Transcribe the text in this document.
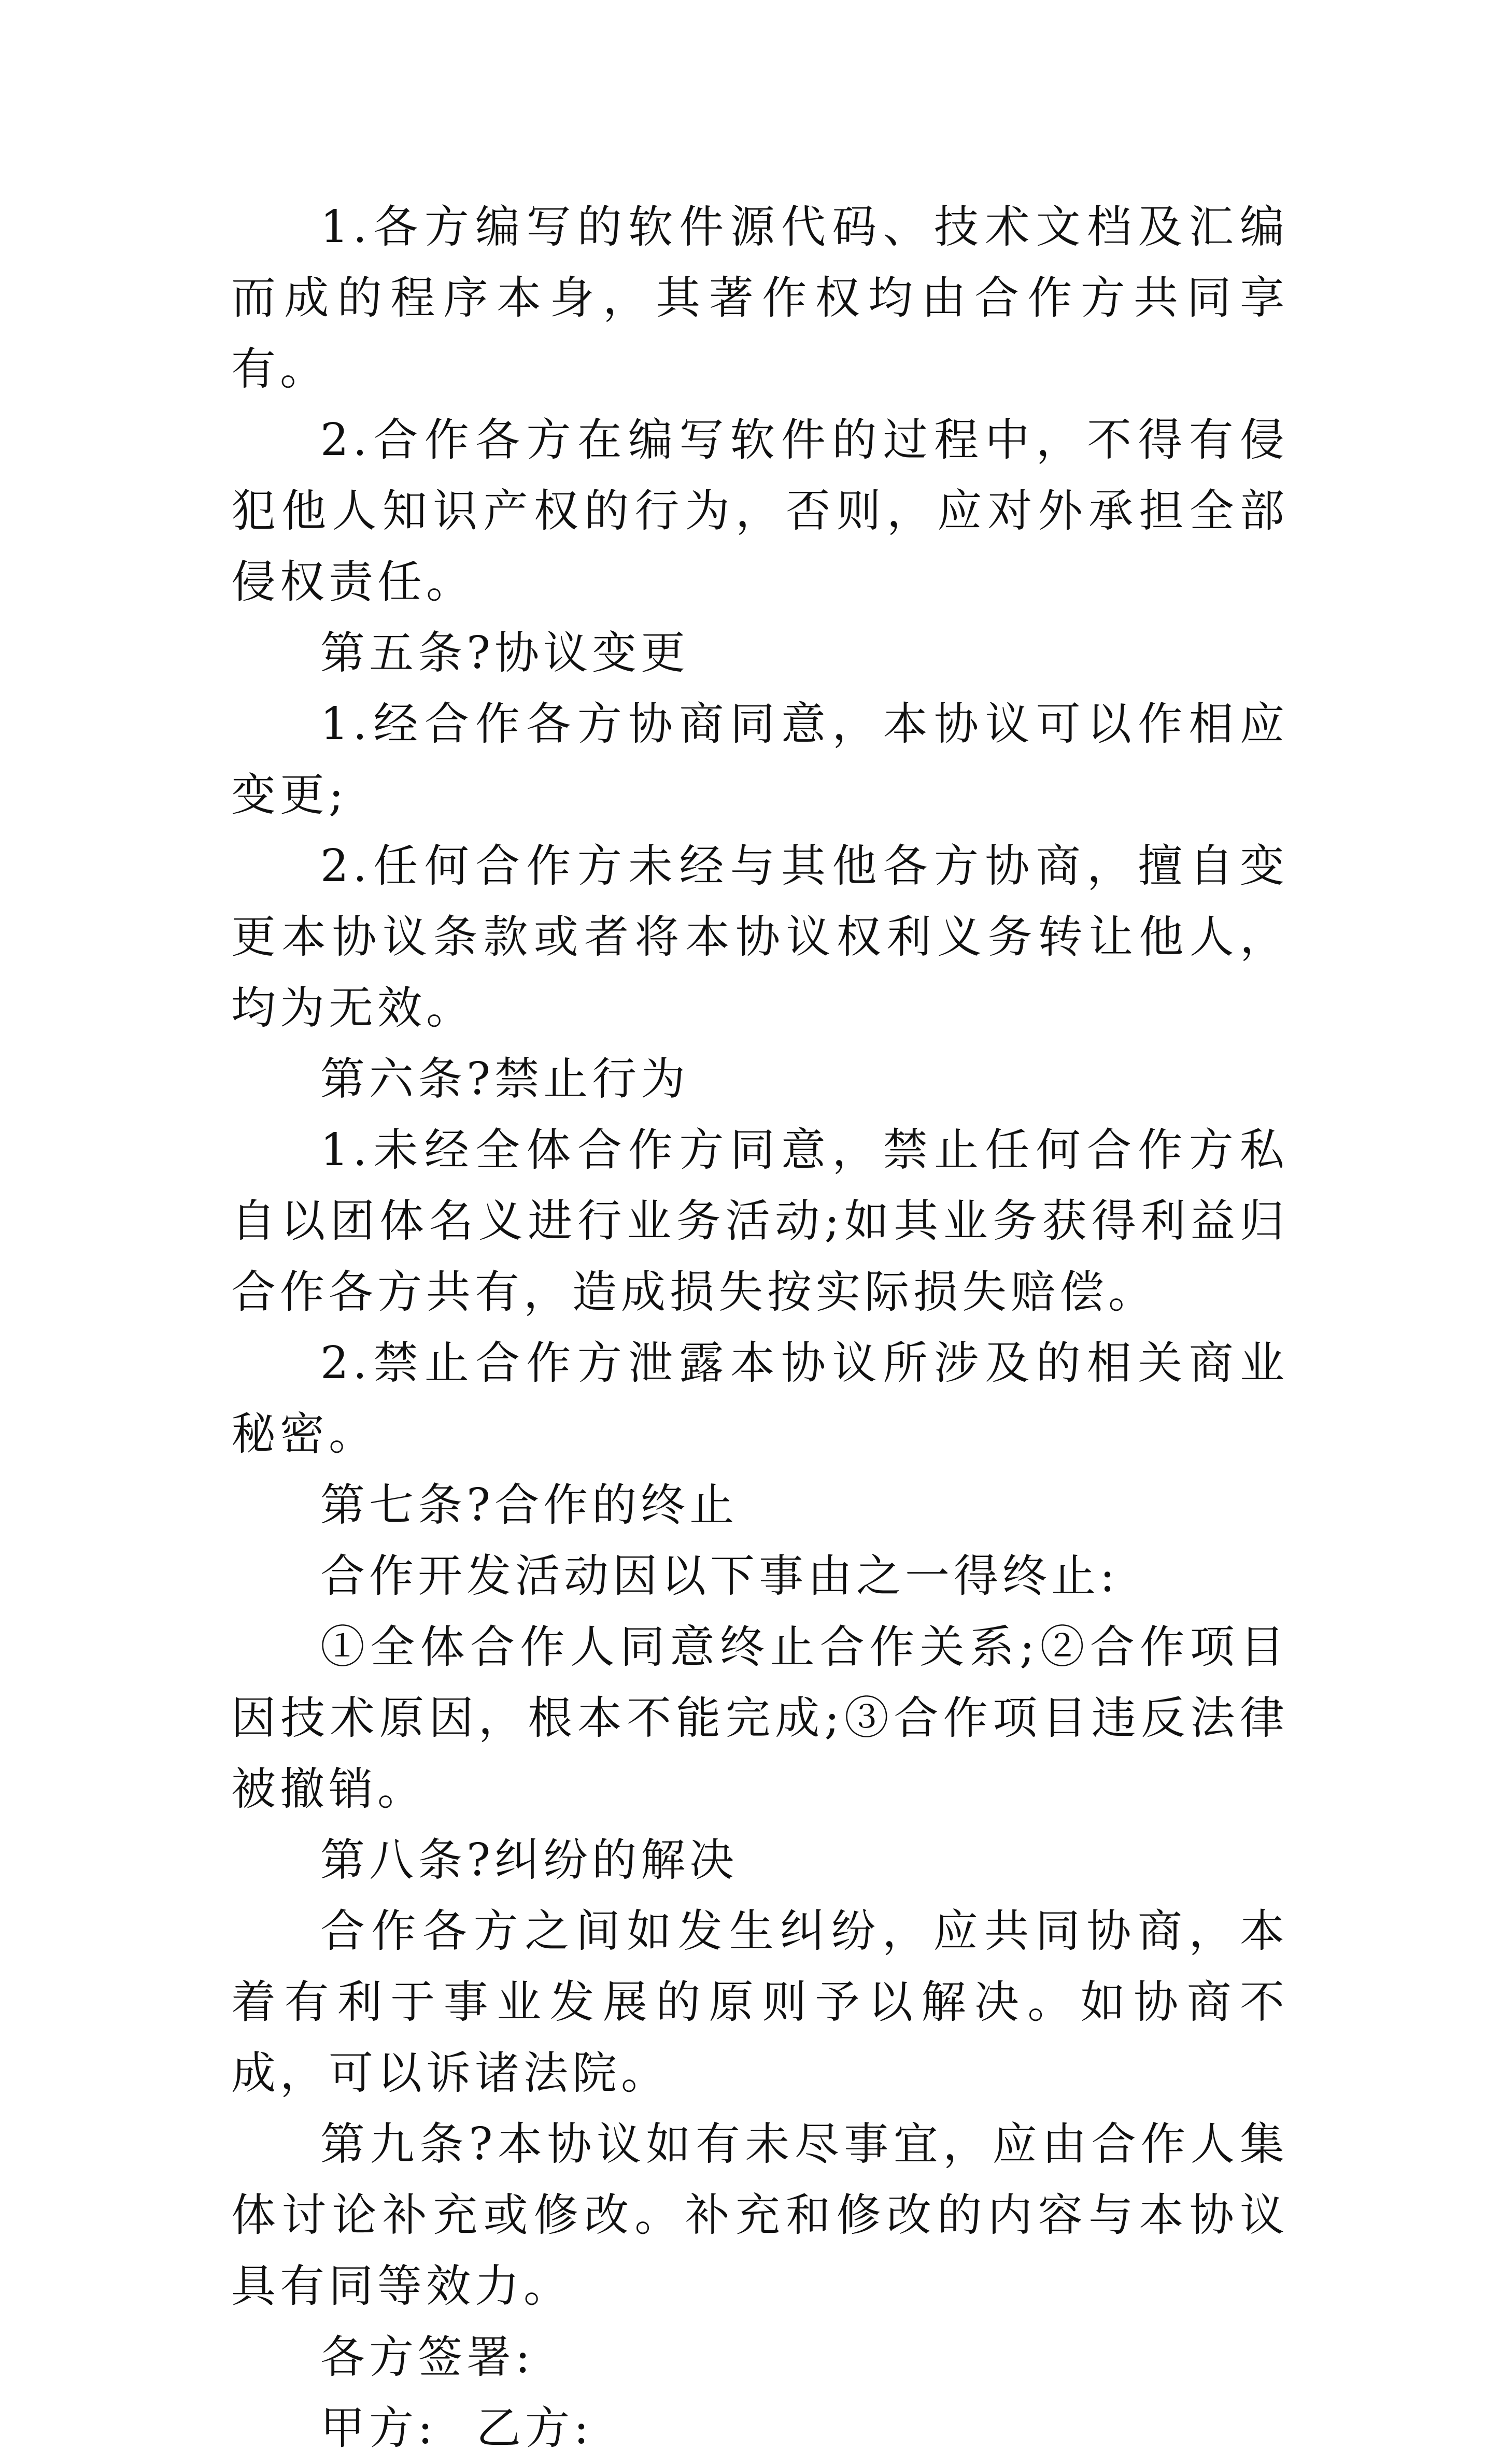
1.各方编写的软件源代码、技术文档及汇编而成的程序本身，其著作权均由合作方共同享有。

2.合作各方在编写软件的过程中，不得有侵犯他人知识产权的行为，否则，应对外承担全部侵权责任。

第五条?协议变更

1.经合作各方协商同意，本协议可以作相应变更;

2.任何合作方未经与其他各方协商，擅自变更本协议条款或者将本协议权利义务转让他人，均为无效。

第六条?禁止行为

1.未经全体合作方同意，禁止任何合作方私自以团体名义进行业务活动;如其业务获得利益归合作各方共有，造成损失按实际损失赔偿。

2.禁止合作方泄露本协议所涉及的相关商业秘密。

第七条?合作的终止

合作开发活动因以下事由之一得终止:

①全体合作人同意终止合作关系;②合作项目因技术原因，根本不能完成;③合作项目违反法律被撤销。

第八条?纠纷的解决

合作各方之间如发生纠纷，应共同协商，本着有利于事业发展的原则予以解决。如协商不成，可以诉诸法院。

第九条?本协议如有未尽事宜，应由合作人集体讨论补充或修改。补充和修改的内容与本协议具有同等效力。

各方签署:

甲方: 乙方:
